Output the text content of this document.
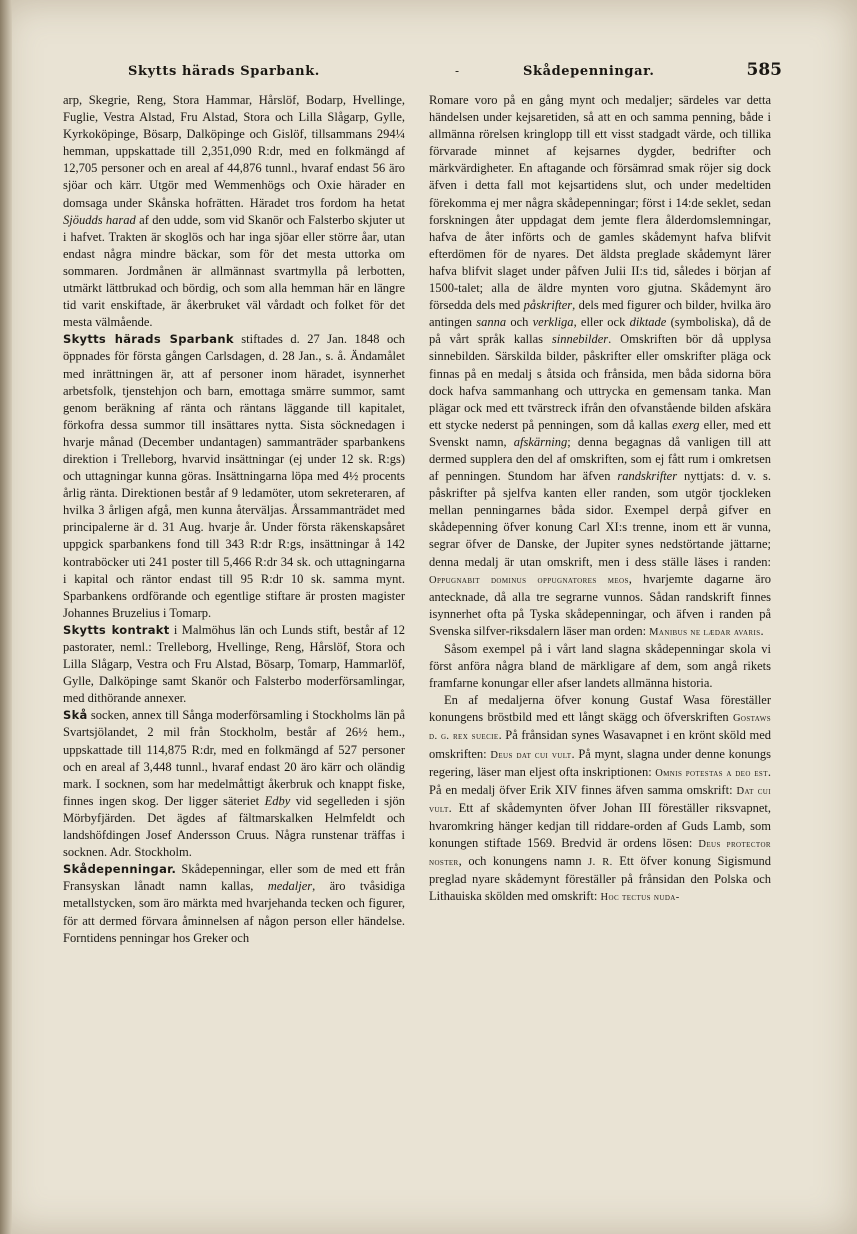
Skytts härads Sparbank.	-	Skådepenningar.	585

arp, Skegrie, Reng, Stora Hammar, Hårslöf, Bodarp, Hvellinge, Fuglie, Vestra Alstad, Fru Alstad, Stora och Lilla Slågarp, Gylle, Kyrkoköpinge, Bösarp, Dalköpinge och Gislöf, tillsammans 294¼ hemman, uppskattade till 2,351,090 R:dr, med en folkmängd af 12,705 personer och en areal af 44,876 tunnl., hvaraf endast 56 äro sjöar och kärr. Utgör med Wemmenhögs och Oxie härader en domsaga under Skånska hofrätten. Häradet tros fordom ha hetat Sjöudds harad af den udde, som vid Skanör och Falsterbo skjuter ut i hafvet. Trakten är skoglös och har inga sjöar eller större åar, utan endast några mindre bäckar, som för det mesta uttorka om sommaren. Jordmånen är allmännast svartmylla på lerbotten, utmärkt lättbrukad och bördig, och som alla hemman här en längre tid varit enskiftade, är åkerbruket väl vårdadt och folket för det mesta välmående.

Skytts härads Sparbank stiftades d. 27 Jan. 1848 och öppnades för första gången Carlsdagen, d. 28 Jan., s. å. Ändamålet med inrättningen är, att af personer inom häradet, isynnerhet arbetsfolk, tjenstehjon och barn, emottaga smärre summor, samt genom beräkning af ränta och räntans läggande till kapitalet, förkofra dessa summor till insättares nytta. Sista söcknedagen i hvarje månad (December undantagen) sammanträder sparbankens direktion i Trelleborg, hvarvid insättningar (ej under 12 sk. R:gs) och uttagningar kunna göras. Insättningarna löpa med 4½ procents årlig ränta. Direktionen består af 9 ledamöter, utom sekreteraren, af hvilka 3 årligen afgå, men kunna återväljas. Årssammanträdet med principalerne är d. 31 Aug. hvarje år. Under första räkenskapsåret uppgick sparbankens fond till 343 R:dr R:gs, insättningar å 142 kontraböcker uti 241 poster till 5,466 R:dr 34 sk. och uttagningarna i kapital och räntor endast till 95 R:dr 10 sk. samma mynt. Sparbankens ordförande och egentlige stiftare är prosten magister Johannes Bruzelius i Tomarp.

Skytts kontrakt i Malmöhus län och Lunds stift, består af 12 pastorater, neml.: Trelleborg, Hvellinge, Reng, Hårslöf, Stora och Lilla Slågarp, Vestra och Fru Alstad, Bösarp, Tomarp, Hammarlöf, Gylle, Dalköpinge samt Skanör och Falsterbo moderförsamlingar, med dithörande annexer.

Skå socken, annex till Sånga moderförsamling i Stockholms län på Svartsjölandet, 2 mil från Stockholm, består af 26½ hem., uppskattade till 114,875 R:dr, med en folkmängd af 527 personer och en areal af 3,448 tunnl., hvaraf endast 20 äro kärr och oländig mark. I socknen, som har medelmåttigt åkerbruk och knappt fiske, finnes ingen skog. Der ligger säteriet Edby vid segelleden i sjön Mörbyfjärden. Det ägdes af fältmarskalken Helmfeldt och landshöfdingen Josef Andersson Cruus. Några runstenar träffas i socknen. Adr. Stockholm.

Skådepenningar. Skådepenningar, eller som de med ett från Fransyskan lånadt namn kallas, medaljer, äro tvåsidiga metallstycken, som äro märkta med hvarjehanda tecken och figurer, för att dermed förvara åminnelsen af någon person eller händelse. Forntidens penningar hos Greker och

Romare voro på en gång mynt och medaljer; särdeles var detta händelsen under kejsaretiden, så att en och samma penning, både i allmänna rörelsen kringlopp till ett visst stadgadt värde, och tillika förvarade minnet af kejsarnes dygder, bedrifter och märkvärdigheter. En aftagande och försämrad smak röjer sig dock äfven i detta fall mot kejsartidens slut, och under medeltiden förekomma ej mer några skådepenningar; först i 14:de seklet, sedan forskningen åter uppdagat dem jemte flera ålderdomslemningar, hafva de åter införts och de gamles skådemynt hafva blifvit efterdömen för de nyares. Det äldsta preglade skådemynt lärer hafva blifvit slaget under påfven Julii II:s tid, således i början af 1500-talet; alla de äldre mynten voro gjutna. Skådemynt äro försedda dels med påskrifter, dels med figurer och bilder, hvilka äro antingen sanna och verkliga, eller ock diktade (symboliska), då de på vårt språk kallas sinnebilder. Omskriften bör då upplysa sinnebilden. Särskilda bilder, påskrifter eller omskrifter pläga ock finnas på en medalj s åtsida och frånsida, men båda sidorna böra dock hafva sammanhang och uttrycka en gemensam tanka. Man plägar ock med ett tvärstreck ifrån den ofvanstående bilden afskära ett stycke nederst på penningen, som då kallas exerg eller, med ett Svenskt namn, afskärning; denna begagnas då vanligen till att dermed supplera den del af omskriften, som ej fått rum i omkretsen af penningen. Stundom har äfven randskrifter nyttjats: d. v. s. påskrifter på sjelfva kanten eller randen, som utgör tjockleken mellan penningarnes båda sidor. Exempel derpå gifver en skådepenning öfver konung Carl XI:s trenne, inom ett är vunna, segrar öfver de Danske, der Jupiter synes nedstörtande jättarne; denna medalj är utan omskrift, men i dess ställe läses i randen: Oppugnabit dominus oppugnatores meos, hvarjemte dagarne äro antecknade, då alla tre segrarne vunnos. Sådan randskrift finnes isynnerhet ofta på Tyska skådepenningar, och äfven i randen på Svenska silfver-riksdalern läser man orden: Manibus ne lædar avaris.

Såsom exempel på i vårt land slagna skådepenningar skola vi först anföra några bland de märkligare af dem, som angå rikets framfarne konungar eller afser landets allmänna historia.

En af medaljerna öfver konung Gustaf Wasa föreställer konungens bröstbild med ett långt skägg och öfverskriften Gostaws d. g. rex suecie. På frånsidan synes Wasavapnet i en krönt sköld med omskriften: Deus dat cui vult. På mynt, slagna under denne konungs regering, läser man eljest ofta inskriptionen: Omnis potestas a deo est. På en medalj öfver Erik XIV finnes äfven samma omskrift: Dat cui vult. Ett af skådemynten öfver Johan III föreställer riksvapnet, hvaromkring hänger kedjan till riddare-orden af Guds Lamb, som konungen stiftade 1569. Bredvid är ordens lösen: Deus protector noster, och konungens namn J. R. Ett öfver konung Sigismund preglad nyare skådemynt föreställer på frånsidan den Polska och Lithauiska skölden med omskrift: Hoc tectus nuda-
